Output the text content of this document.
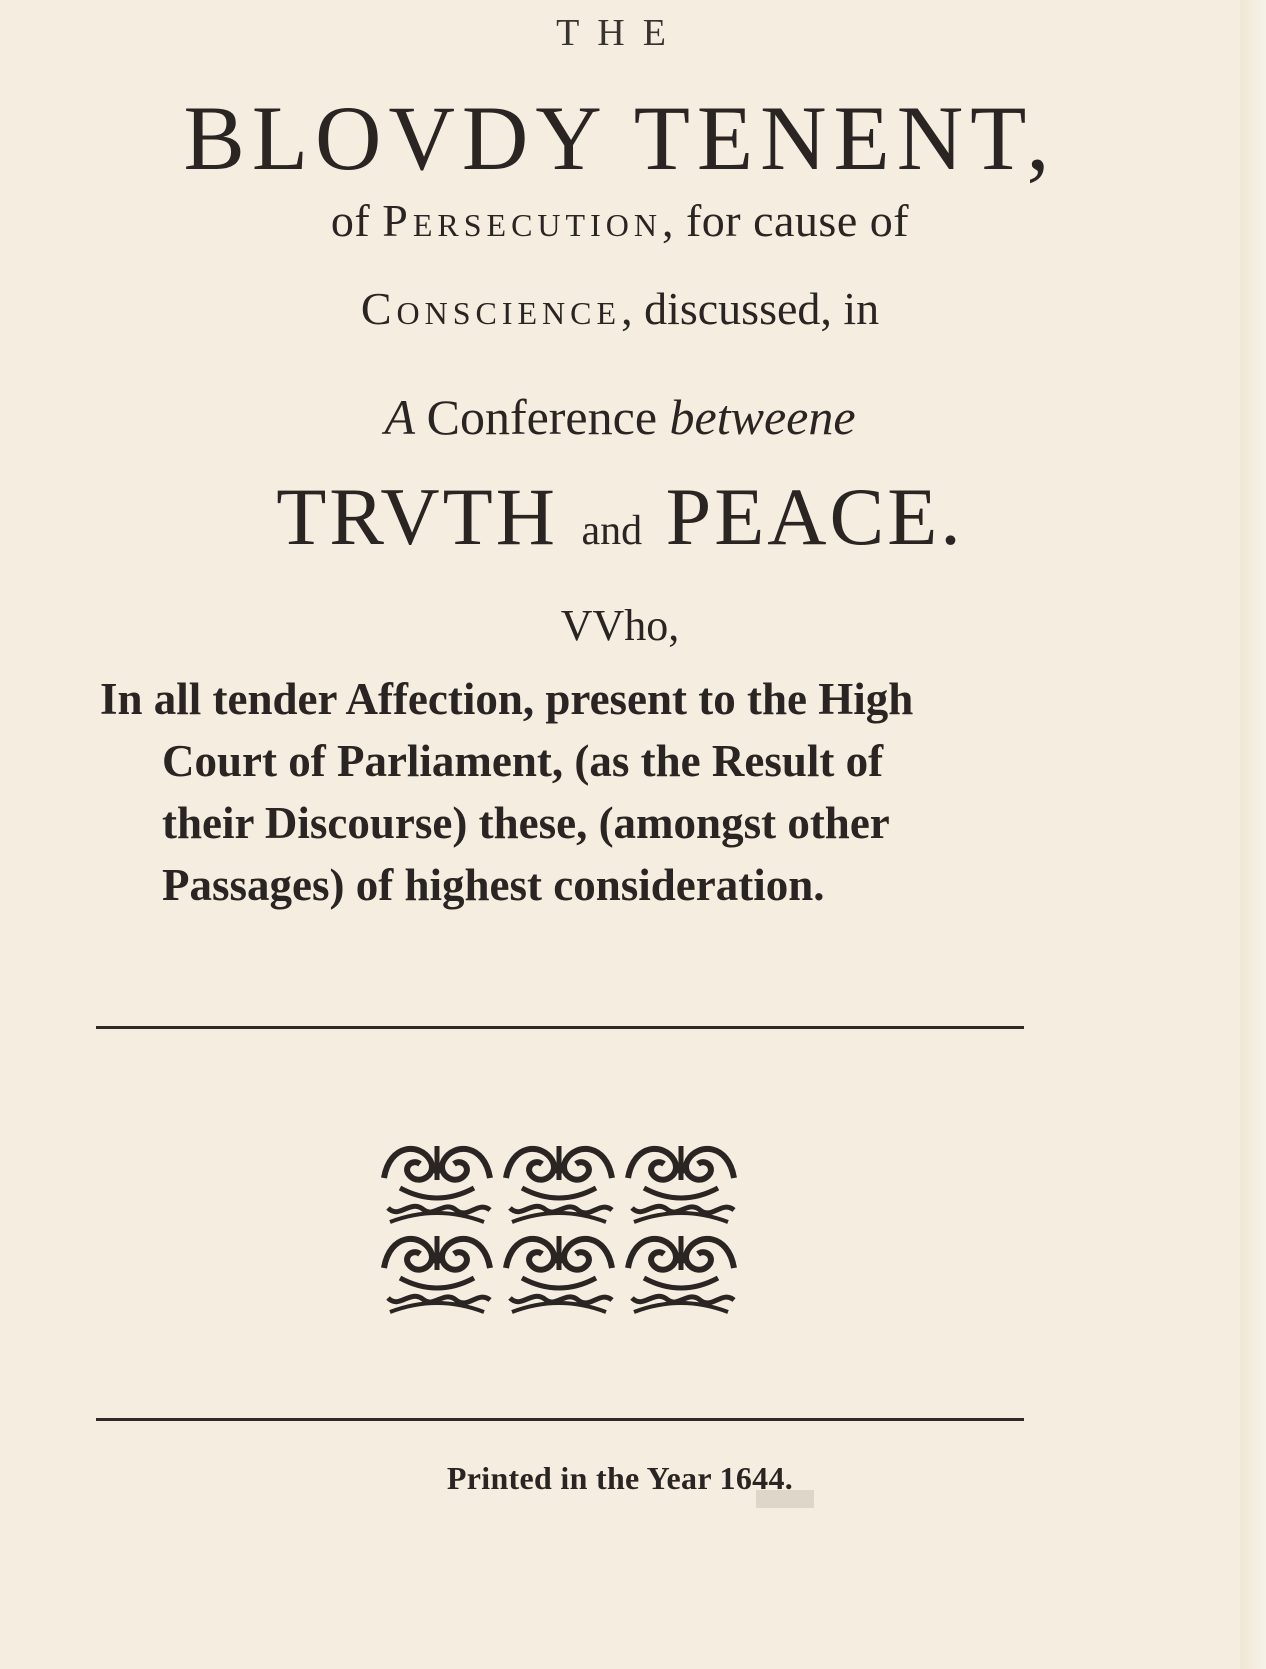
THE
BLOVDY TENENT,
of Persecution, for cause of
Conscience, discussed, in
A Conference betweene
TRVTH and PEACE.
VVho,
In all tender Affection, present to the High
Court of Parliament, (as the Result of
their Discourse) these, (amongst other
Passages) of highest consideration.
Printed in the Year 1644.
